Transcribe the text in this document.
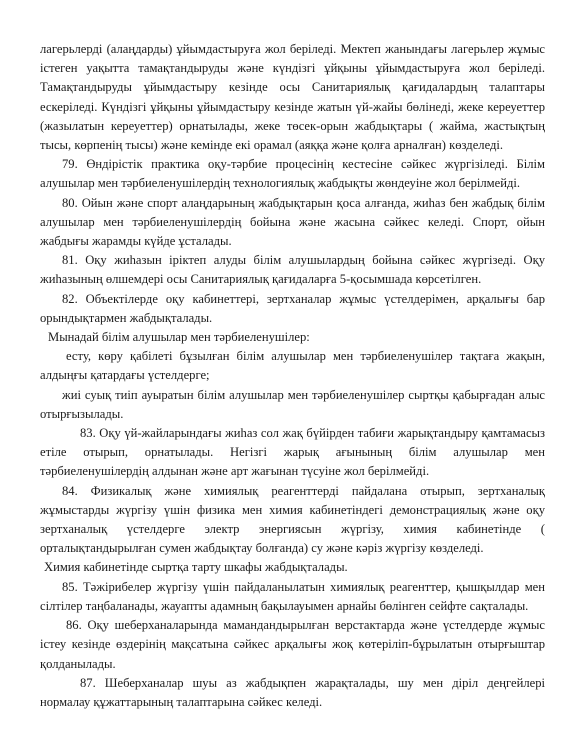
лагерьлерді (алаңдарды) ұйымдастыруға жол беріледі. Мектеп жанындағы лагерьлер жұмыс істеген уақытта тамақтандыруды және күндізгі ұйқыны ұйымдастыруға жол беріледі. Тамақтандыруды ұйымдастыру кезінде осы Санитариялық қағидалардың талаптары ескеріледі. Күндізгі ұйқыны ұйымдастыру кезінде жатын үй-жайы бөлінеді, жеке кереуеттер (жазылатын кереуеттер) орнатылады, жеке төсек-орын жабдықтары ( жайма, жастықтың тысы, көрпенің тысы) және кемінде екі орамал (аяққа және қолға арналған) көзделеді.

79. Өндірістік практика оқу-тәрбие процесінің кестесіне сәйкес жүргізіледі. Білім алушылар мен тәрбиеленушілердің технологиялық жабдықты жөндеуіне жол берілмейді.

80. Ойын және спорт алаңдарының жабдықтарын қоса алғанда, жиһаз бен жабдық білім алушылар мен тәрбиеленушілердің бойына және жасына сәйкес келеді. Спорт, ойын жабдығы жарамды күйде ұсталады.

81. Оқу жиһазын іріктеп алуды білім алушылардың бойына сәйкес жүргізеді. Оқу жиһазының өлшемдері осы Санитариялық қағидаларға 5-қосымшада көрсетілген.

82. Объектілерде оқу кабинеттері, зертханалар жұмыс үстелдерімен, арқалығы бар орындықтармен жабдықталады.

Мынадай білім алушылар мен тәрбиеленушілер:

есту, көру қабілеті бұзылған білім алушылар мен тәрбиеленушілер тақтаға жақын, алдыңғы қатардағы үстелдерге;

жиі суық тиіп ауыратын білім алушылар мен тәрбиеленушілер сыртқы қабырғадан алыс отырғызылады.

83. Оқу үй-жайларындағы жиһаз сол жақ бүйірден табиғи жарықтандыру қамтамасыз етіле отырып, орнатылады. Негізгі жарық ағынының білім алушылар мен тәрбиеленушілердің алдынан және арт жағынан түсуіне жол берілмейді.

84. Физикалық және химиялық реагенттерді пайдалана отырып, зертханалық жұмыстарды жүргізу үшін физика мен химия кабинетіндегі демонстрациялық және оқу зертханалық үстелдерге электр энергиясын жүргізу, химия кабинетінде ( орталықтандырылған сумен жабдықтау болғанда) су және кәріз жүргізу көзделеді.

Химия кабинетінде сыртқа тарту шкафы жабдықталады.

85. Тәжірибелер жүргізу үшін пайдаланылатын химиялық реагенттер, қышқылдар мен сілтілер таңбаланады, жауапты адамның бақылауымен арнайы бөлінген сейфте сақталады.

86. Оқу шеберханаларында мамандандырылған верстактарда және үстелдерде жұмыс істеу кезінде өздерінің мақсатына сәйкес арқалығы жоқ көтеріліп-бұрылатын отырғыштар қолданылады.

87. Шеберханалар шуы аз жабдықпен жарақталады, шу мен діріл деңгейлері нормалау құжаттарының талаптарына сәйкес келеді.
